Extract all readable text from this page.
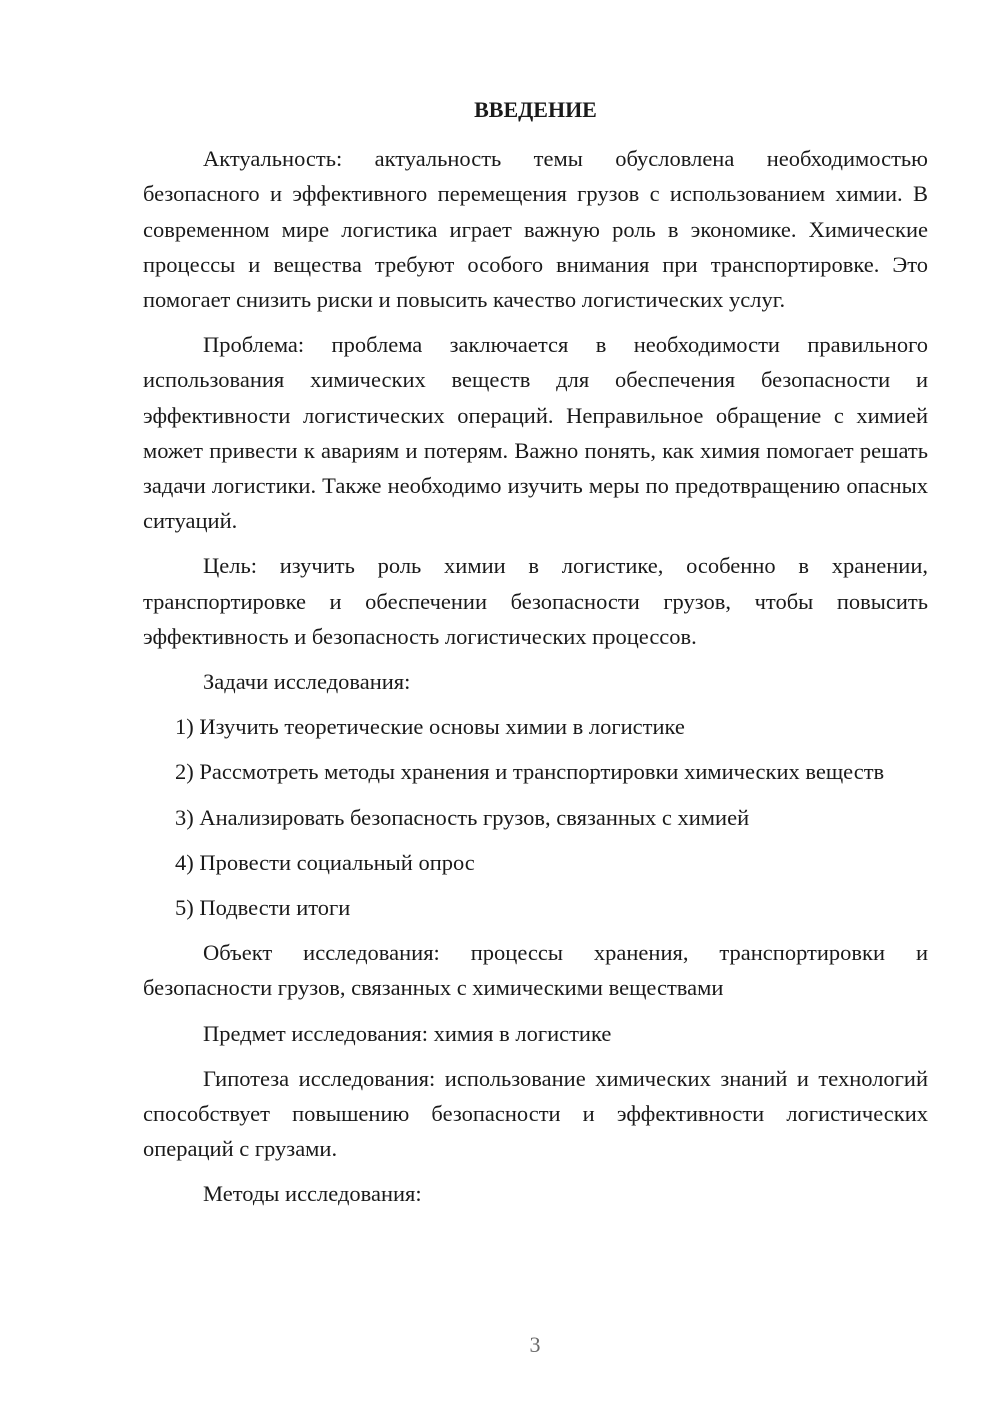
ВВЕДЕНИЕ

Актуальность: актуальность темы обусловлена необходимостью безопасного и эффективного перемещения грузов с использованием химии. В современном мире логистика играет важную роль в экономике. Химические процессы и вещества требуют особого внимания при транспортировке. Это помогает снизить риски и повысить качество логистических услуг.

Проблема: проблема заключается в необходимости правильного использования химических веществ для обеспечения безопасности и эффективности логистических операций. Неправильное обращение с химией может привести к авариям и потерям. Важно понять, как химия помогает решать задачи логистики. Также необходимо изучить меры по предотвращению опасных ситуаций.

Цель: изучить роль химии в логистике, особенно в хранении, транспортировке и обеспечении безопасности грузов, чтобы повысить эффективность и безопасность логистических процессов.

Задачи исследования:

1) Изучить теоретические основы химии в логистике

2) Рассмотреть методы хранения и транспортировки химических веществ

3) Анализировать безопасность грузов, связанных с химией

4) Провести социальный опрос

5) Подвести итоги

Объект исследования: процессы хранения, транспортировки и безопасности грузов, связанных с химическими веществами

Предмет исследования: химия в логистике

Гипотеза исследования: использование химических знаний и технологий способствует повышению безопасности и эффективности логистических операций с грузами.

Методы исследования:

3
